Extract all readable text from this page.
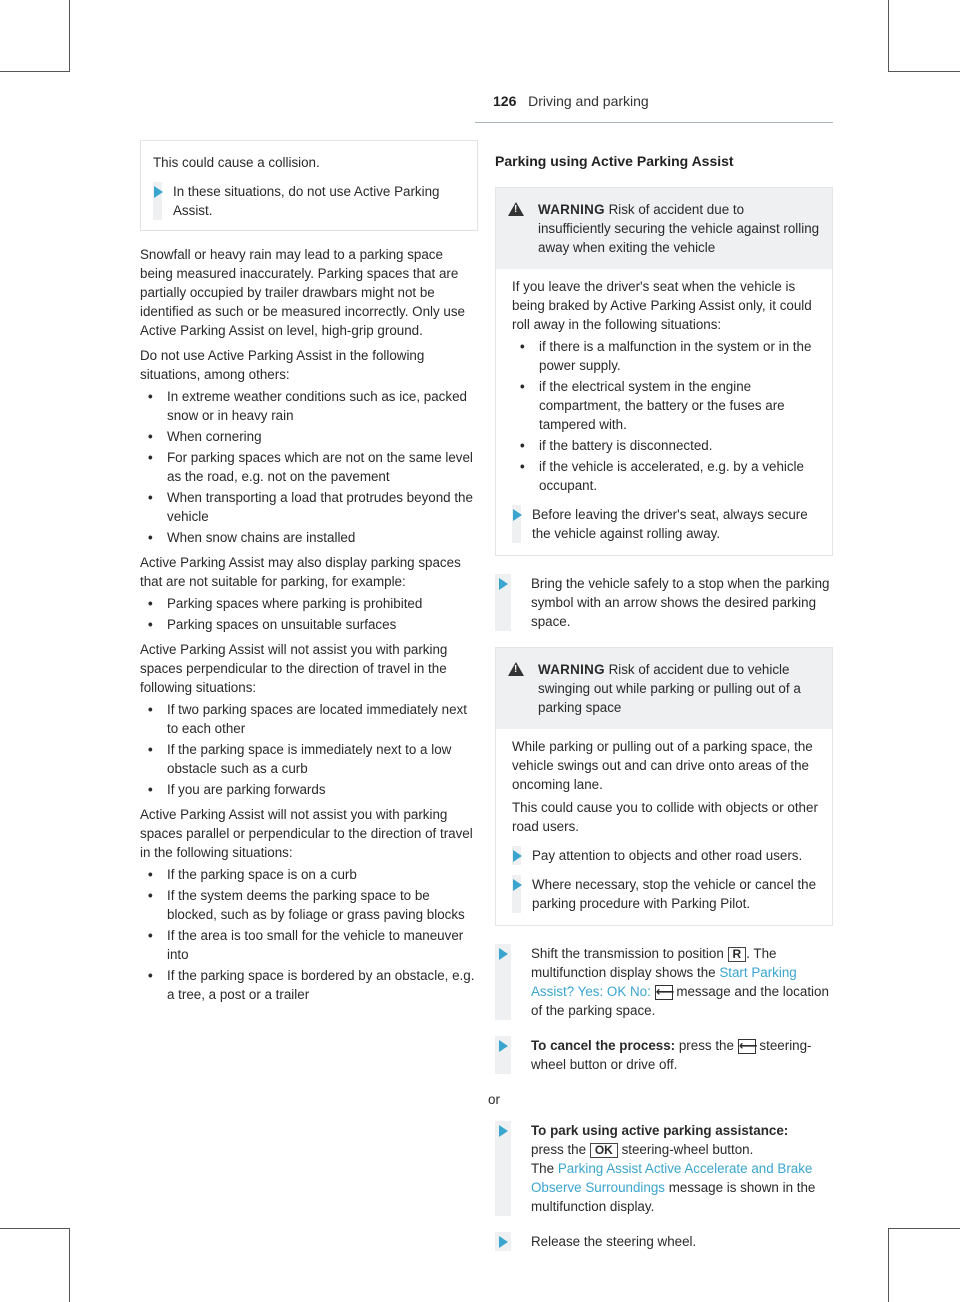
126 Driving and parking

This could cause a collision.

In these situations, do not use Active Parking Assist.

Snowfall or heavy rain may lead to a parking space being measured inaccurately. Parking spaces that are partially occupied by trailer drawbars might not be identified as such or be measured incorrectly. Only use Active Parking Assist on level, high-grip ground.

Do not use Active Parking Assist in the following situations, among others:

• In extreme weather conditions such as ice, packed snow or in heavy rain
• When cornering
• For parking spaces which are not on the same level as the road, e.g. not on the pavement
• When transporting a load that protrudes beyond the vehicle
• When snow chains are installed

Active Parking Assist may also display parking spaces that are not suitable for parking, for example:

• Parking spaces where parking is prohibited
• Parking spaces on unsuitable surfaces

Active Parking Assist will not assist you with parking spaces perpendicular to the direction of travel in the following situations:

• If two parking spaces are located immediately next to each other
• If the parking space is immediately next to a low obstacle such as a curb
• If you are parking forwards

Active Parking Assist will not assist you with parking spaces parallel or perpendicular to the direction of travel in the following situations:

• If the parking space is on a curb
• If the system deems the parking space to be blocked, such as by foliage or grass paving blocks
• If the area is too small for the vehicle to maneuver into
• If the parking space is bordered by an obstacle, e.g. a tree, a post or a trailer
Parking using Active Parking Assist
!
WARNING Risk of accident due to insufficiently securing the vehicle against rolling away when exiting the vehicle

If you leave the driver's seat when the vehicle is being braked by Active Parking Assist only, it could roll away in the following situations:

• if there is a malfunction in the system or in the power supply.
• if the electrical system in the engine compartment, the battery or the fuses are tampered with.
• if the battery is disconnected.
• if the vehicle is accelerated, e.g. by a vehicle occupant.
Before leaving the driver's seat, always secure the vehicle against rolling away.
Bring the vehicle safely to a stop when the parking symbol with an arrow shows the desired parking space.
!
WARNING Risk of accident due to vehicle swinging out while parking or pulling out of a parking space

While parking or pulling out of a parking space, the vehicle swings out and can drive onto areas of the oncoming lane.

This could cause you to collide with objects or other road users.

Pay attention to objects and other road users.
Where necessary, stop the vehicle or cancel the parking procedure with Parking Pilot.
Shift the transmission to position R . The multifunction display shows the Start Parking Assist? Yes: OK No: ⟵ message and the location of the parking space.
To cancel the process: press the ⟵ steering-wheel button or drive off.
or
To park using active parking assistance:
press the OK steering-wheel button.
The Parking Assist Active Accelerate and Brake Observe Surroundings message is shown in the multifunction display.
Release the steering wheel.
